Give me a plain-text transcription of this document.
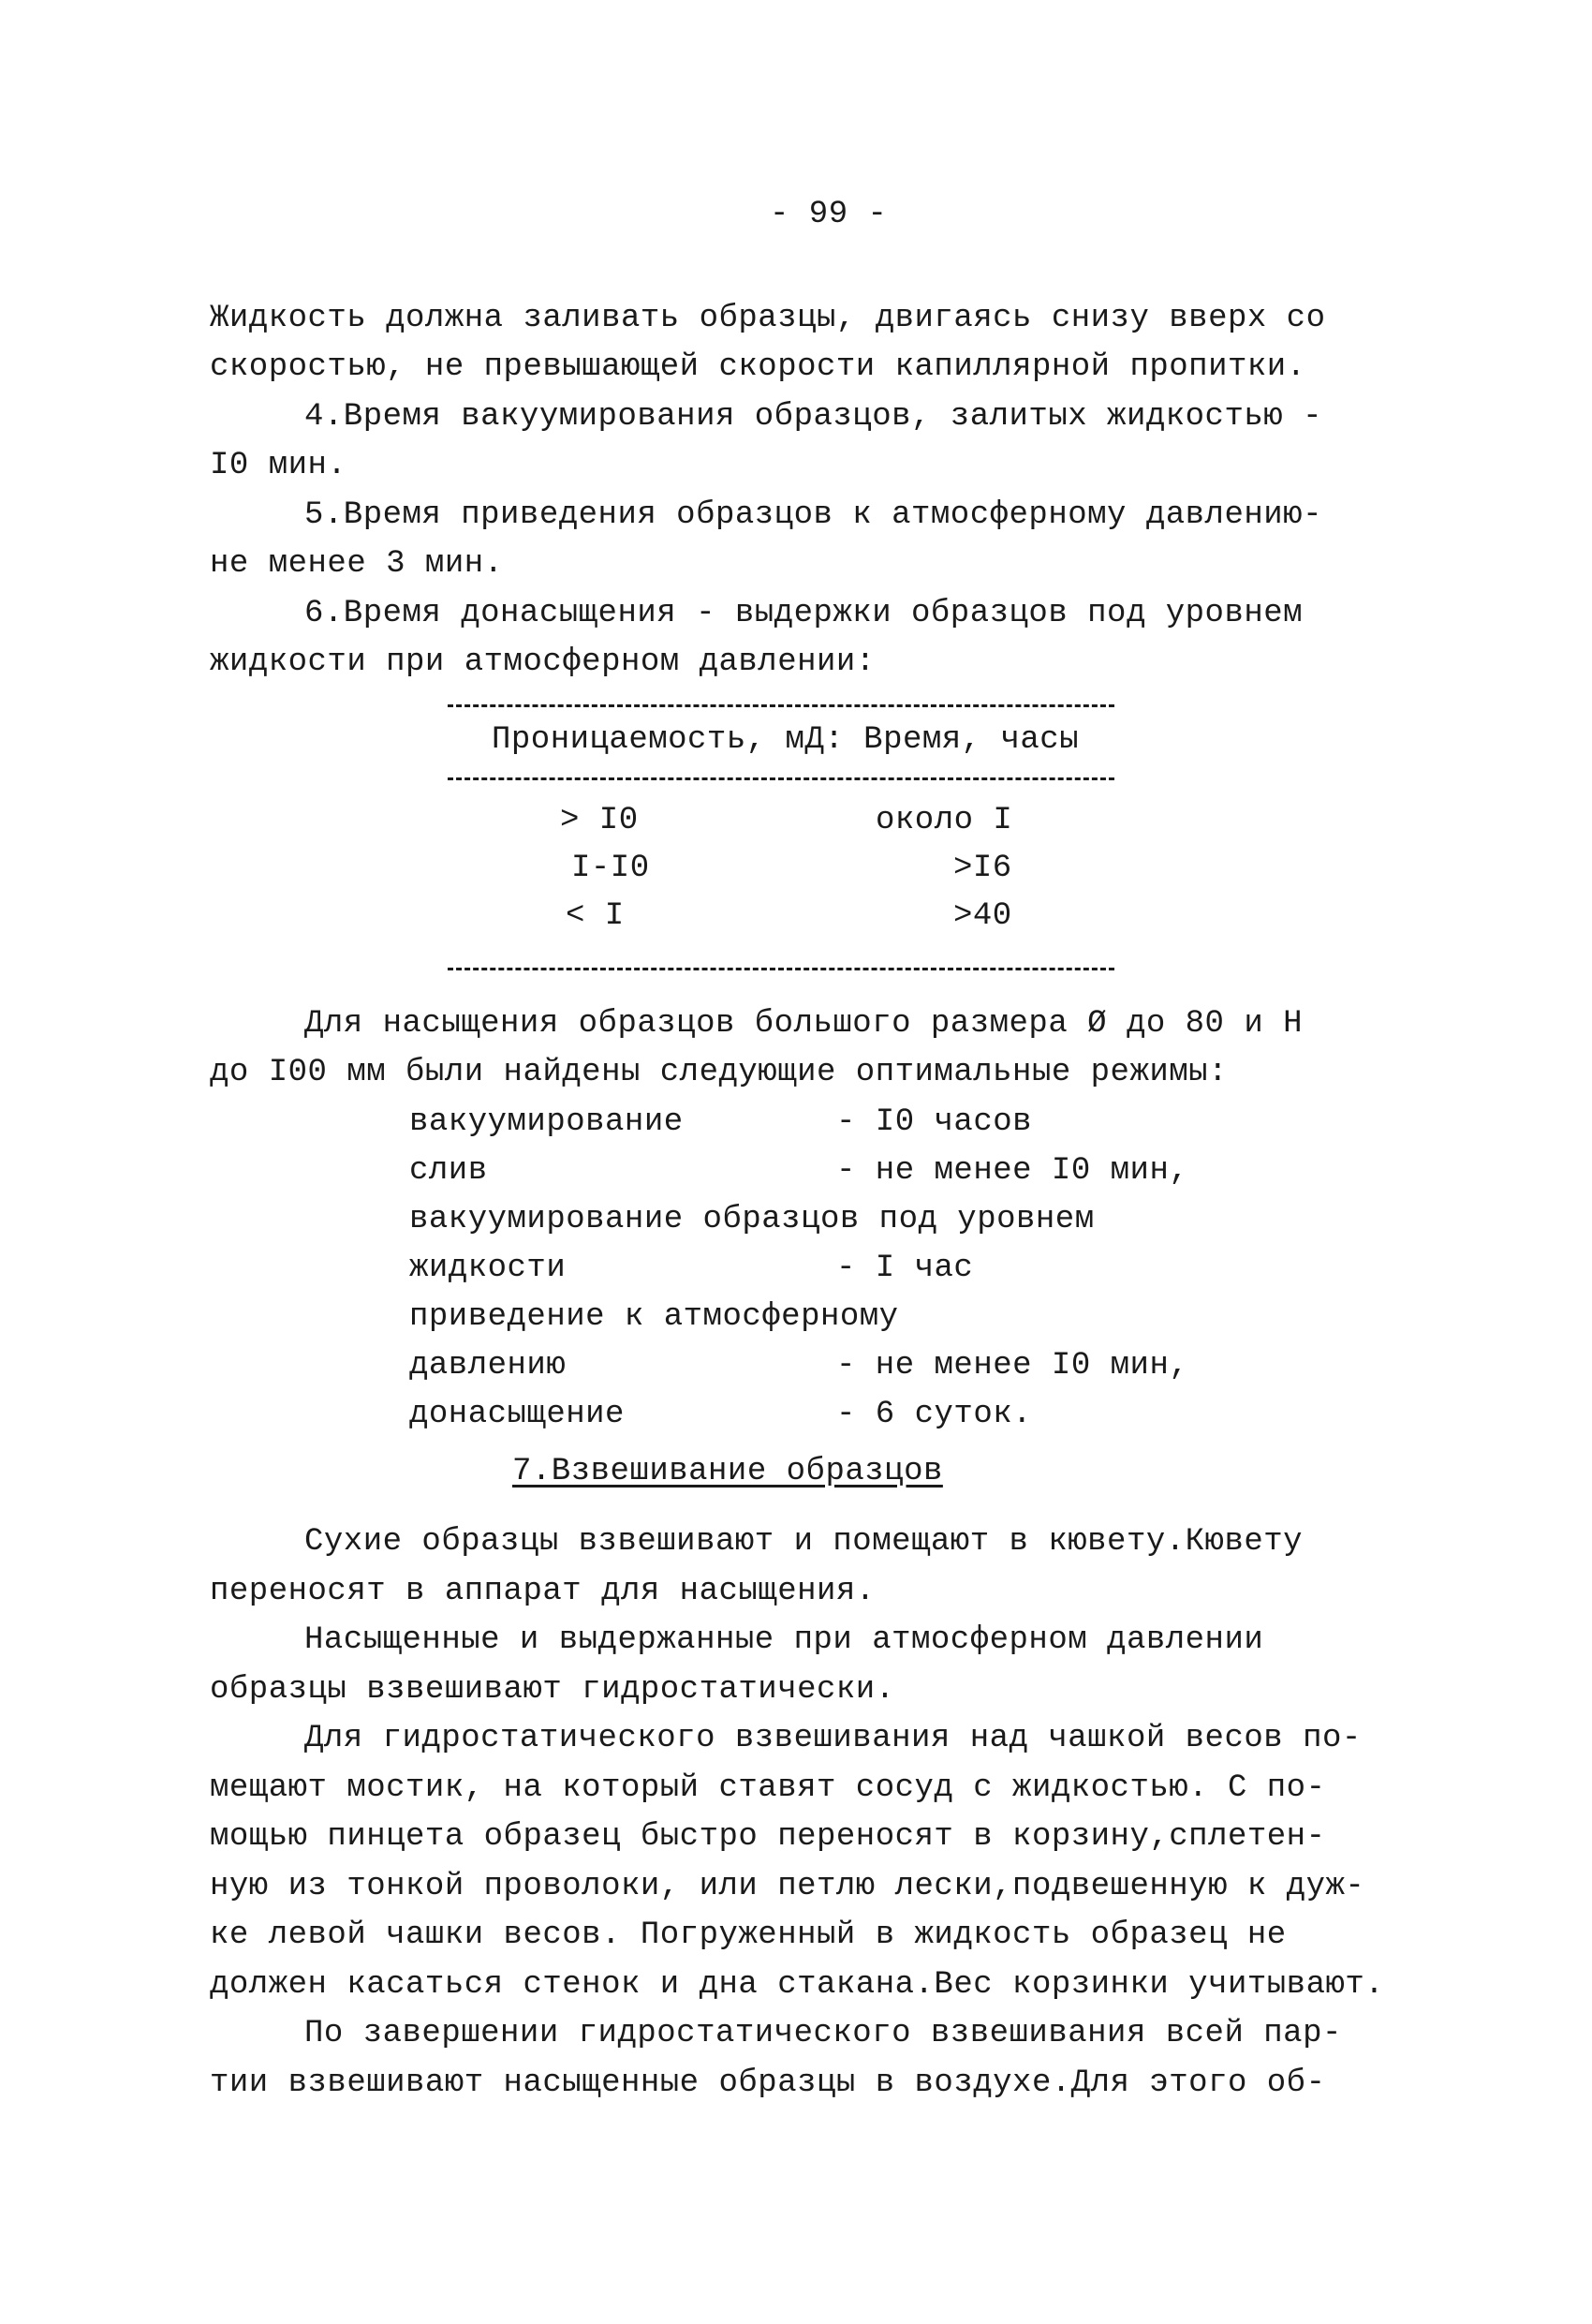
- 99 -
Жидкость должна заливать образцы, двигаясь снизу вверх со
скоростью, не превышающей скорости капиллярной пропитки.
4.Время вакуумирования образцов, залитых жидкостью -
I0 мин.
5.Время приведения образцов к атмосферному давлению-
не менее 3 мин.
6.Время донасыщения - выдержки образцов под уровнем
жидкости при атмосферном давлении:
Проницаемость, мД: Время, часы
> I0	около I
I-I0	>I6
< I	>40
Для насыщения образцов большого размера Ø до 80 и Н
до I00 мм были найдены следующие оптимальные режимы:
вакуумирование	- I0 часов
слив	- не менее I0 мин,
вакуумирование образцов под уровнем
жидкости	- I час
приведение к атмосферному
давлению	- не менее I0 мин,
донасыщение	- 6 суток.
7.Взвешивание образцов
Сухие образцы взвешивают и помещают в кювету.Кювету
переносят в аппарат для насыщения.
Насыщенные и выдержанные при атмосферном давлении
образцы взвешивают гидростатически.
Для гидростатического взвешивания над чашкой весов по-
мещают мостик, на который ставят сосуд с жидкостью. С по-
мощью пинцета образец быстро переносят в корзину,сплетен-
ную из тонкой проволоки, или петлю лески,подвешенную к дуж-
ке левой чашки весов. Погруженный в жидкость образец не
должен касаться стенок и дна стакана.Вес корзинки учитывают.
По завершении гидростатического взвешивания всей пар-
тии взвешивают насыщенные образцы в воздухе.Для этого об-
